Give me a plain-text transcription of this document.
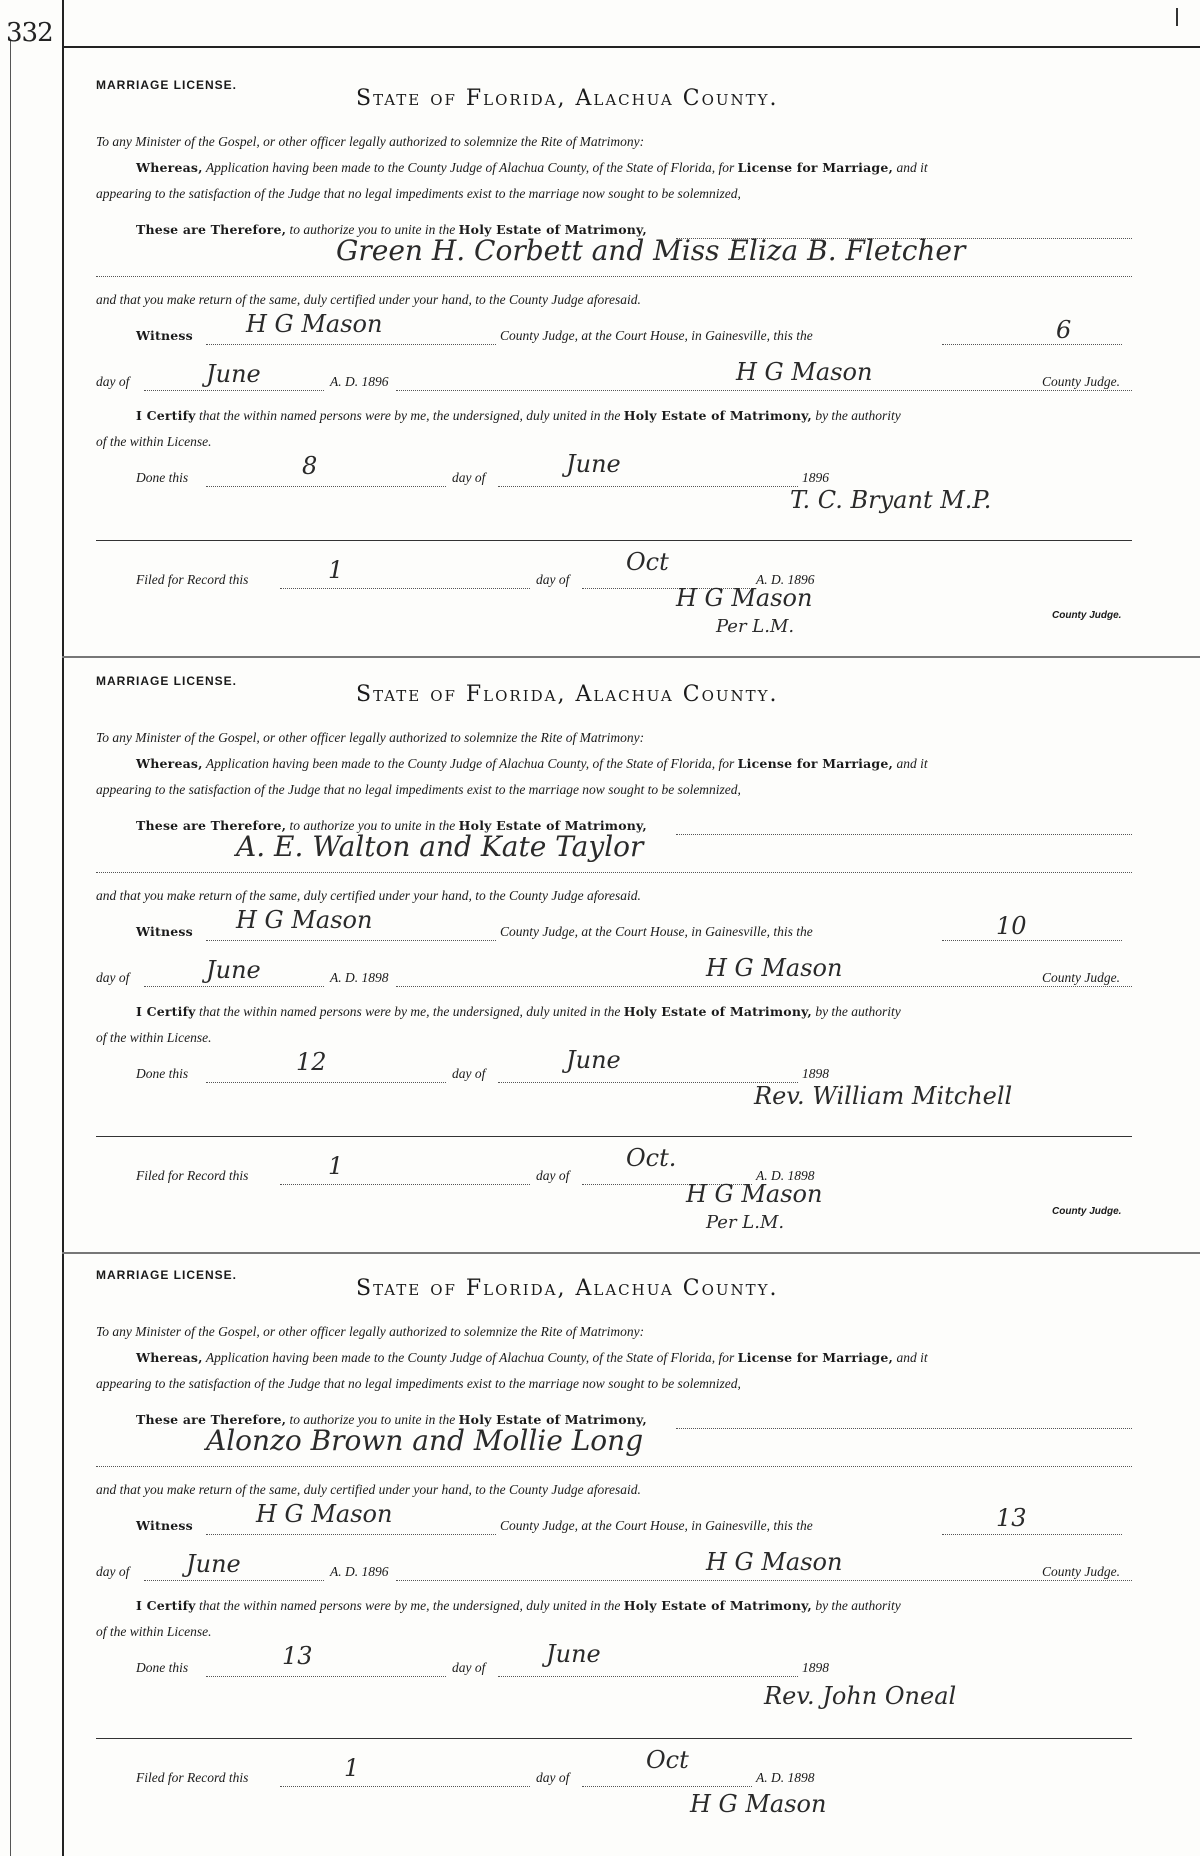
332
MARRIAGE LICENSE.
State of Florida, Alachua County.
To any Minister of the Gospel, or other officer legally authorized to solemnize the Rite of Matrimony:
Whereas, Application having been made to the County Judge of Alachua County, of the State of Florida, for License for Marriage, and it
appearing to the satisfaction of the Judge that no legal impediments exist to the marriage now sought to be solemnized,
These are Therefore, to authorize you to unite in the Holy Estate of Matrimony,
Green H. Corbett and Miss Eliza B. Fletcher
and that you make return of the same, duly certified under your hand, to the County Judge aforesaid.
Witness H G Mason	County Judge, at the Court House, in Gainesville, this the	6
day of	June	A. D. 1896	H G Mason	County Judge.
I Certify that the within named persons were by me, the undersigned, duly united in the Holy Estate of Matrimony, by the authority
of the within License.
Done this	8	day of	June	1896
T. C. Bryant M.P.
Filed for Record this	1	day of
Oct
A. D. 1896
H G Mason
Per L.M.
County Judge.
MARRIAGE LICENSE.
State of Florida, Alachua County.
To any Minister of the Gospel, or other officer legally authorized to solemnize the Rite of Matrimony:
Whereas, Application having been made to the County Judge of Alachua County, of the State of Florida, for License for Marriage, and it
appearing to the satisfaction of the Judge that no legal impediments exist to the marriage now sought to be solemnized,
These are Therefore, to authorize you to unite in the Holy Estate of Matrimony,
A. E. Walton and Kate Taylor
and that you make return of the same, duly certified under your hand, to the County Judge aforesaid.
Witness H G Mason	County Judge, at the Court House, in Gainesville, this the	10
day of	June	A. D. 1898	H G Mason	County Judge.
I Certify that the within named persons were by me, the undersigned, duly united in the Holy Estate of Matrimony, by the authority
of the within License.
Done this	12	day of	June	1898
Rev. William Mitchell
Filed for Record this	1	day of
Oct.
A. D. 1898
H G Mason
Per L.M.
County Judge.
MARRIAGE LICENSE.
State of Florida, Alachua County.
To any Minister of the Gospel, or other officer legally authorized to solemnize the Rite of Matrimony:
Whereas, Application having been made to the County Judge of Alachua County, of the State of Florida, for License for Marriage, and it
appearing to the satisfaction of the Judge that no legal impediments exist to the marriage now sought to be solemnized,
These are Therefore, to authorize you to unite in the Holy Estate of Matrimony,
Alonzo Brown and Mollie Long
and that you make return of the same, duly certified under your hand, to the County Judge aforesaid.
Witness	H G Mason	County Judge, at the Court House, in Gainesville, this the	13
day of June	A. D. 1896	H G Mason	County Judge.
I Certify that the within named persons were by me, the undersigned, duly united in the Holy Estate of Matrimony, by the authority
of the within License.
Done this	13	day of	June	1898
Rev. John Oneal
Filed for Record this	1	day of
Oct
A. D. 1898
H G Mason
